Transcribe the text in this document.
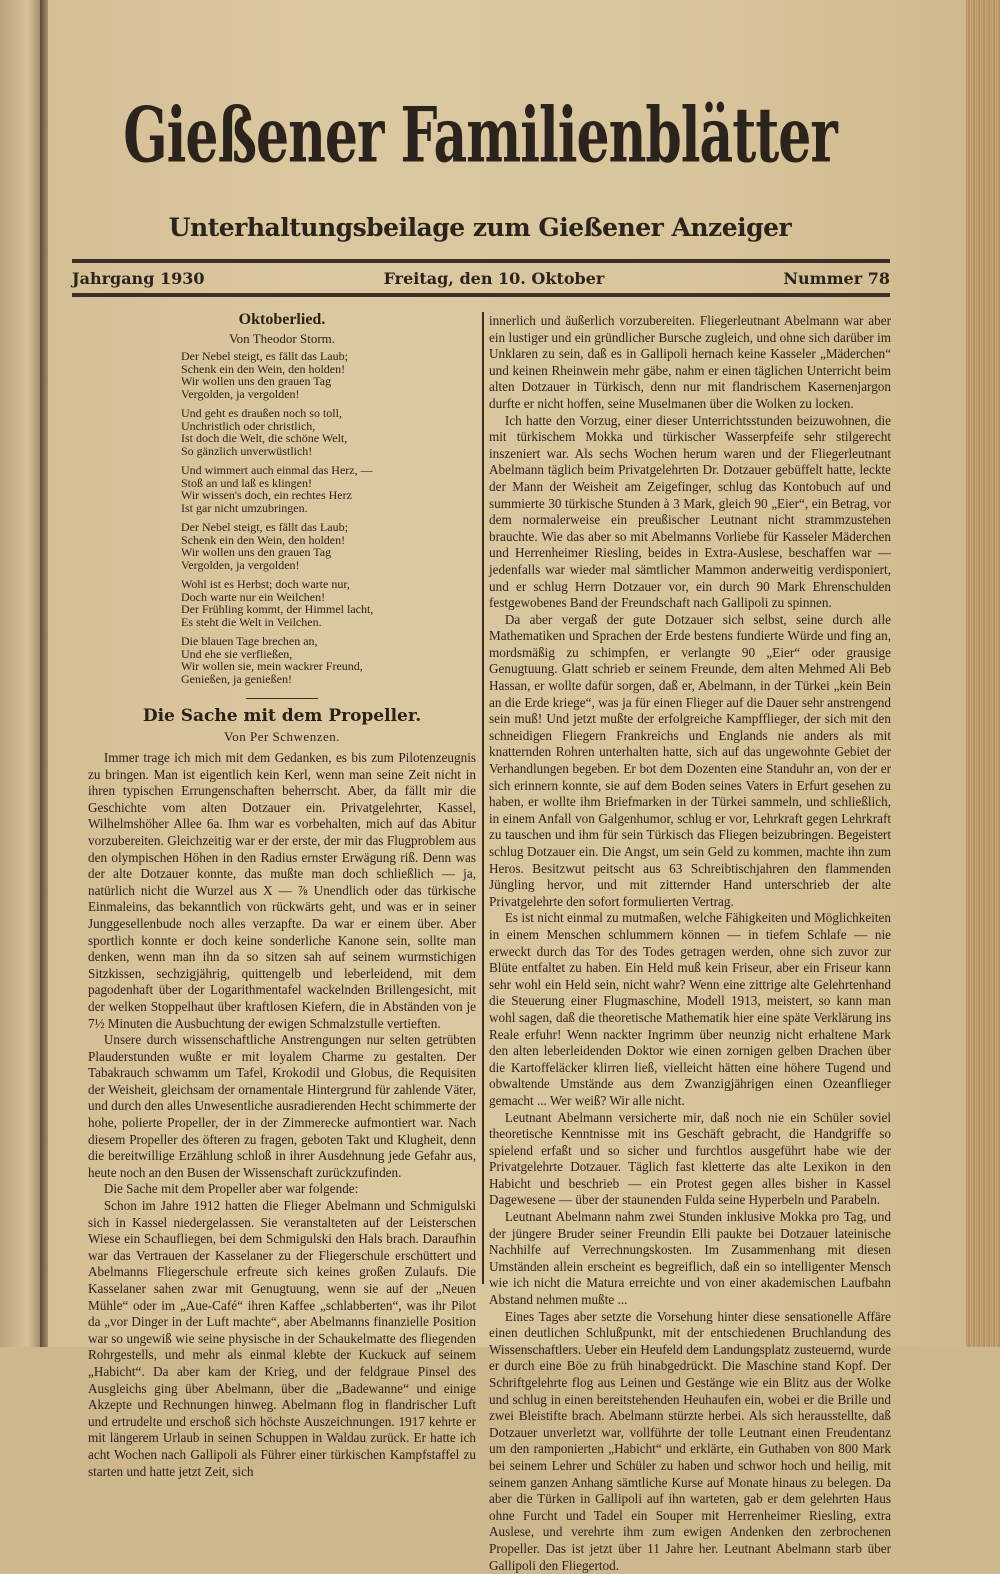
Gießener Familienblätter
Unterhaltungsbeilage zum Gießener Anzeiger
Jahrgang 1930	Freitag, den 10. Oktober	Nummer 78
Oktoberlied.
Von Theodor Storm.
Der Nebel steigt, es fällt das Laub;
Schenk ein den Wein, den holden!
Wir wollen uns den grauen Tag
Vergolden, ja vergolden!
Und geht es draußen noch so toll,
Unchristlich oder christlich,
Ist doch die Welt, die schöne Welt,
So gänzlich unverwüstlich!
Und wimmert auch einmal das Herz, —
Stoß an und laß es klingen!
Wir wissen's doch, ein rechtes Herz
Ist gar nicht umzubringen.
Der Nebel steigt, es fällt das Laub;
Schenk ein den Wein, den holden!
Wir wollen uns den grauen Tag
Vergolden, ja vergolden!
Wohl ist es Herbst; doch warte nur,
Doch warte nur ein Weilchen!
Der Frühling kommt, der Himmel lacht,
Es steht die Welt in Veilchen.
Die blauen Tage brechen an,
Und ehe sie verfließen,
Wir wollen sie, mein wackrer Freund,
Genießen, ja genießen!
Die Sache mit dem Propeller.
Von Per Schwenzen.

Immer trage ich mich mit dem Gedanken, es bis zum Pilotenzeugnis zu bringen. Man ist eigentlich kein Kerl, wenn man seine Zeit nicht in ihren typischen Errungenschaften beherrscht. Aber, da fällt mir die Geschichte vom alten Dotzauer ein. Privatgelehrter, Kassel, Wilhelmshöher Allee 6a. Ihm war es vorbehalten, mich auf das Abitur vorzubereiten. Gleichzeitig war er der erste, der mir das Flugproblem aus den olympischen Höhen in den Radius ernster Erwägung riß. Denn was der alte Dotzauer konnte, das mußte man doch schließlich — ja, natürlich nicht die Wurzel aus X — ⅞ Unendlich oder das türkische Einmaleins, das bekanntlich von rückwärts geht, und was er in seiner Junggesellenbude noch alles verzapfte. Da war er einem über. Aber sportlich konnte er doch keine sonderliche Kanone sein, sollte man denken, wenn man ihn da so sitzen sah auf seinem wurmstichigen Sitzkissen, sechzigjährig, quittengelb und leberleidend, mit dem pagodenhaft über der Logarithmentafel wackelnden Brillengesicht, mit der welken Stoppelhaut über kraftlosen Kiefern, die in Abständen von je 7½ Minuten die Ausbuchtung der ewigen Schmalzstulle vertieften.

Unsere durch wissenschaftliche Anstrengungen nur selten getrübten Plauderstunden wußte er mit loyalem Charme zu gestalten. Der Tabakrauch schwamm um Tafel, Krokodil und Globus, die Requisiten der Weisheit, gleichsam der ornamentale Hintergrund für zahlende Väter, und durch den alles Unwesentliche ausradierenden Hecht schimmerte der hohe, polierte Propeller, der in der Zimmerecke aufmontiert war. Nach diesem Propeller des öfteren zu fragen, geboten Takt und Klugheit, denn die bereitwillige Erzählung schloß in ihrer Ausdehnung jede Gefahr aus, heute noch an den Busen der Wissenschaft zurückzufinden.

Die Sache mit dem Propeller aber war folgende:

Schon im Jahre 1912 hatten die Flieger Abelmann und Schmigulski sich in Kassel niedergelassen. Sie veranstalteten auf der Leisterschen Wiese ein Schaufliegen, bei dem Schmigulski den Hals brach. Daraufhin war das Vertrauen der Kasselaner zu der Fliegerschule erschüttert und Abelmanns Fliegerschule erfreute sich keines großen Zulaufs. Die Kasselaner sahen zwar mit Genugtuung, wenn sie auf der „Neuen Mühle“ oder im „Aue-Café“ ihren Kaffee „schlabberten“, was ihr Pilot da „vor Dinger in der Luft machte“, aber Abelmanns finanzielle Position war so ungewiß wie seine physische in der Schaukelmatte des fliegenden Rohrgestells, und mehr als einmal klebte der Kuckuck auf seinem „Habicht“. Da aber kam der Krieg, und der feldgraue Pinsel des Ausgleichs ging über Abelmann, über die „Badewanne“ und einige Akzepte und Rechnungen hinweg. Abelmann flog in flandrischer Luft und ertrudelte und erschoß sich höchste Auszeichnungen. 1917 kehrte er mit längerem Urlaub in seinen Schuppen in Waldau zurück. Er hatte ich acht Wochen nach Gallipoli als Führer einer türkischen Kampfstaffel zu starten und hatte jetzt Zeit, sich

innerlich und äußerlich vorzubereiten. Fliegerleutnant Abelmann war aber ein lustiger und ein gründlicher Bursche zugleich, und ohne sich darüber im Unklaren zu sein, daß es in Gallipoli hernach keine Kasseler „Mäderchen“ und keinen Rheinwein mehr gäbe, nahm er einen täglichen Unterricht beim alten Dotzauer in Türkisch, denn nur mit flandrischem Kasernenjargon durfte er nicht hoffen, seine Muselmanen über die Wolken zu locken.

Ich hatte den Vorzug, einer dieser Unterrichtsstunden beizuwohnen, die mit türkischem Mokka und türkischer Wasserpfeife sehr stilgerecht inszeniert war. Als sechs Wochen herum waren und der Fliegerleutnant Abelmann täglich beim Privatgelehrten Dr. Dotzauer gebüffelt hatte, leckte der Mann der Weisheit am Zeigefinger, schlug das Kontobuch auf und summierte 30 türkische Stunden à 3 Mark, gleich 90 „Eier“, ein Betrag, vor dem normalerweise ein preußischer Leutnant nicht strammzustehen brauchte. Wie das aber so mit Abelmanns Vorliebe für Kasseler Mäderchen und Herrenheimer Riesling, beides in Extra-Auslese, beschaffen war — jedenfalls war wieder mal sämtlicher Mammon anderweitig verdisponiert, und er schlug Herrn Dotzauer vor, ein durch 90 Mark Ehrenschulden festgewobenes Band der Freundschaft nach Gallipoli zu spinnen.

Da aber vergaß der gute Dotzauer sich selbst, seine durch alle Mathematiken und Sprachen der Erde bestens fundierte Würde und fing an, mordsmäßig zu schimpfen, er verlangte 90 „Eier“ oder grausige Genugtuung. Glatt schrieb er seinem Freunde, dem alten Mehmed Ali Beb Hassan, er wollte dafür sorgen, daß er, Abelmann, in der Türkei „kein Bein an die Erde kriege“, was ja für einen Flieger auf die Dauer sehr anstrengend sein muß! Und jetzt mußte der erfolgreiche Kampfflieger, der sich mit den schneidigen Fliegern Frankreichs und Englands nie anders als mit knatternden Rohren unterhalten hatte, sich auf das ungewohnte Gebiet der Verhandlungen begeben. Er bot dem Dozenten eine Standuhr an, von der er sich erinnern konnte, sie auf dem Boden seines Vaters in Erfurt gesehen zu haben, er wollte ihm Briefmarken in der Türkei sammeln, und schließlich, in einem Anfall von Galgenhumor, schlug er vor, Lehrkraft gegen Lehrkraft zu tauschen und ihm für sein Türkisch das Fliegen beizubringen. Begeistert schlug Dotzauer ein. Die Angst, um sein Geld zu kommen, machte ihn zum Heros. Besitzwut peitscht aus 63 Schreibtischjahren den flammenden Jüngling hervor, und mit zitternder Hand unterschrieb der alte Privatgelehrte den sofort formulierten Vertrag.

Es ist nicht einmal zu mutmaßen, welche Fähigkeiten und Möglichkeiten in einem Menschen schlummern können — in tiefem Schlafe — nie erweckt durch das Tor des Todes getragen werden, ohne sich zuvor zur Blüte entfaltet zu haben. Ein Held muß kein Friseur, aber ein Friseur kann sehr wohl ein Held sein, nicht wahr? Wenn eine zittrige alte Gelehrtenhand die Steuerung einer Flugmaschine, Modell 1913, meistert, so kann man wohl sagen, daß die theoretische Mathematik hier eine späte Verklärung ins Reale erfuhr! Wenn nackter Ingrimm über neunzig nicht erhaltene Mark den alten leberleidenden Doktor wie einen zornigen gelben Drachen über die Kartoffeläcker klirren ließ, vielleicht hätten eine höhere Tugend und obwaltende Umstände aus dem Zwanzigjährigen einen Ozeanflieger gemacht ... Wer weiß? Wir alle nicht.

Leutnant Abelmann versicherte mir, daß noch nie ein Schüler soviel theoretische Kenntnisse mit ins Geschäft gebracht, die Handgriffe so spielend erfaßt und so sicher und furchtlos ausgeführt habe wie der Privatgelehrte Dotzauer. Täglich fast kletterte das alte Lexikon in den Habicht und beschrieb — ein Protest gegen alles bisher in Kassel Dagewesene — über der staunenden Fulda seine Hyperbeln und Parabeln.

Leutnant Abelmann nahm zwei Stunden inklusive Mokka pro Tag, und der jüngere Bruder seiner Freundin Elli paukte bei Dotzauer lateinische Nachhilfe auf Verrechnungskosten. Im Zusammenhang mit diesen Umständen allein erscheint es begreiflich, daß ein so intelligenter Mensch wie ich nicht die Matura erreichte und von einer akademischen Laufbahn Abstand nehmen mußte ...

Eines Tages aber setzte die Vorsehung hinter diese sensationelle Affäre einen deutlichen Schlußpunkt, mit der entschiedenen Bruchlandung des Wissenschaftlers. Ueber ein Heufeld dem Landungsplatz zusteuernd, wurde er durch eine Böe zu früh hinabgedrückt. Die Maschine stand Kopf. Der Schriftgelehrte flog aus Leinen und Gestänge wie ein Blitz aus der Wolke und schlug in einen bereitstehenden Heuhaufen ein, wobei er die Brille und zwei Bleistifte brach. Abelmann stürzte herbei. Als sich herausstellte, daß Dotzauer unverletzt war, vollführte der tolle Leutnant einen Freudentanz um den ramponierten „Habicht“ und erklärte, ein Guthaben von 800 Mark bei seinem Lehrer und Schüler zu haben und schwor hoch und heilig, mit seinem ganzen Anhang sämtliche Kurse auf Monate hinaus zu belegen. Da aber die Türken in Gallipoli auf ihn warteten, gab er dem gelehrten Haus ohne Furcht und Tadel ein Souper mit Herrenheimer Riesling, extra Auslese, und verehrte ihm zum ewigen Andenken den zerbrochenen Propeller. Das ist jetzt über 11 Jahre her. Leutnant Abelmann starb über Gallipoli den Fliegertod.
